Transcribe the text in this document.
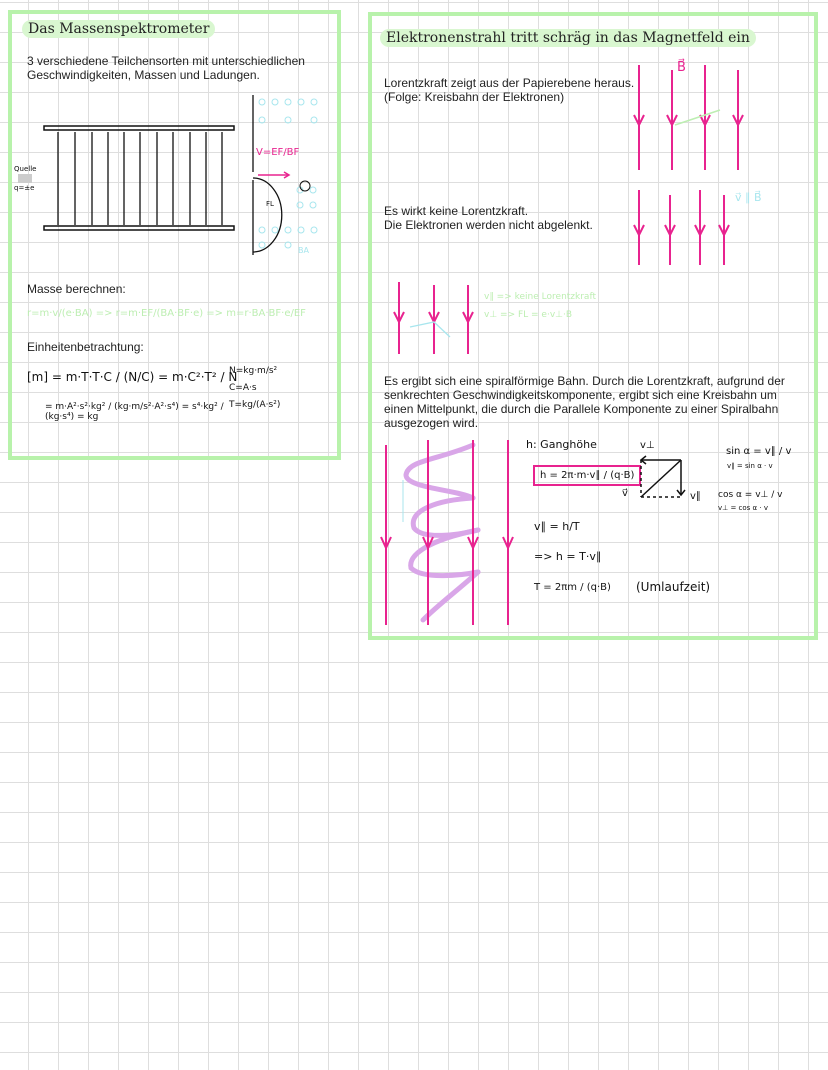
Das Massenspektrometer
3 verschiedene Teilchensorten mit unterschiedlichen Geschwindigkeiten, Massen und Ladungen.
Quelle
q=±e
V=EF/BF
FL
BA
Masse berechnen:
r=m·v/(e·BA) => r=m·EF/(BA·BF·e) => m=r·BA·BF·e/EF
Einheitenbetrachtung:
[m] = m·T·T·C / (N/C) = m·C²·T² / N
= m·A²·s²·kg² / (kg·m/s²·A²·s⁴) = s⁴·kg² / (kg·s⁴) = kg
N=kg·m/s²
C=A·s
T=kg/(A·s²)
Elektronenstrahl tritt schräg in das Magnetfeld ein
Lorentzkraft zeigt aus der Papierebene heraus.
(Folge: Kreisbahn der Elektronen)
B⃗
Es wirkt keine Lorentzkraft.
Die Elektronen werden nicht abgelenkt.
v⃗ ∥ B⃗
v∥ => keine Lorentzkraft
v⊥ => FL = e·v⊥·B
Es ergibt sich eine spiralförmige Bahn. Durch die Lorentzkraft, aufgrund der senkrechten Geschwindigkeitskomponente, ergibt sich eine Kreisbahn um einen Mittelpunkt, die durch die Parallele Komponente zu einer Spiralbahn ausgezogen wird.
h: Ganghöhe
h = 2π·m·v∥ / (q·B)
v∥ = h/T
=> h = T·v∥
T = 2πm / (q·B) (Umlaufzeit)
v⊥
v∥
v⃗
sin α = v∥ / v
v∥ = sin α · v
cos α = v⊥ / v
v⊥ = cos α · v
